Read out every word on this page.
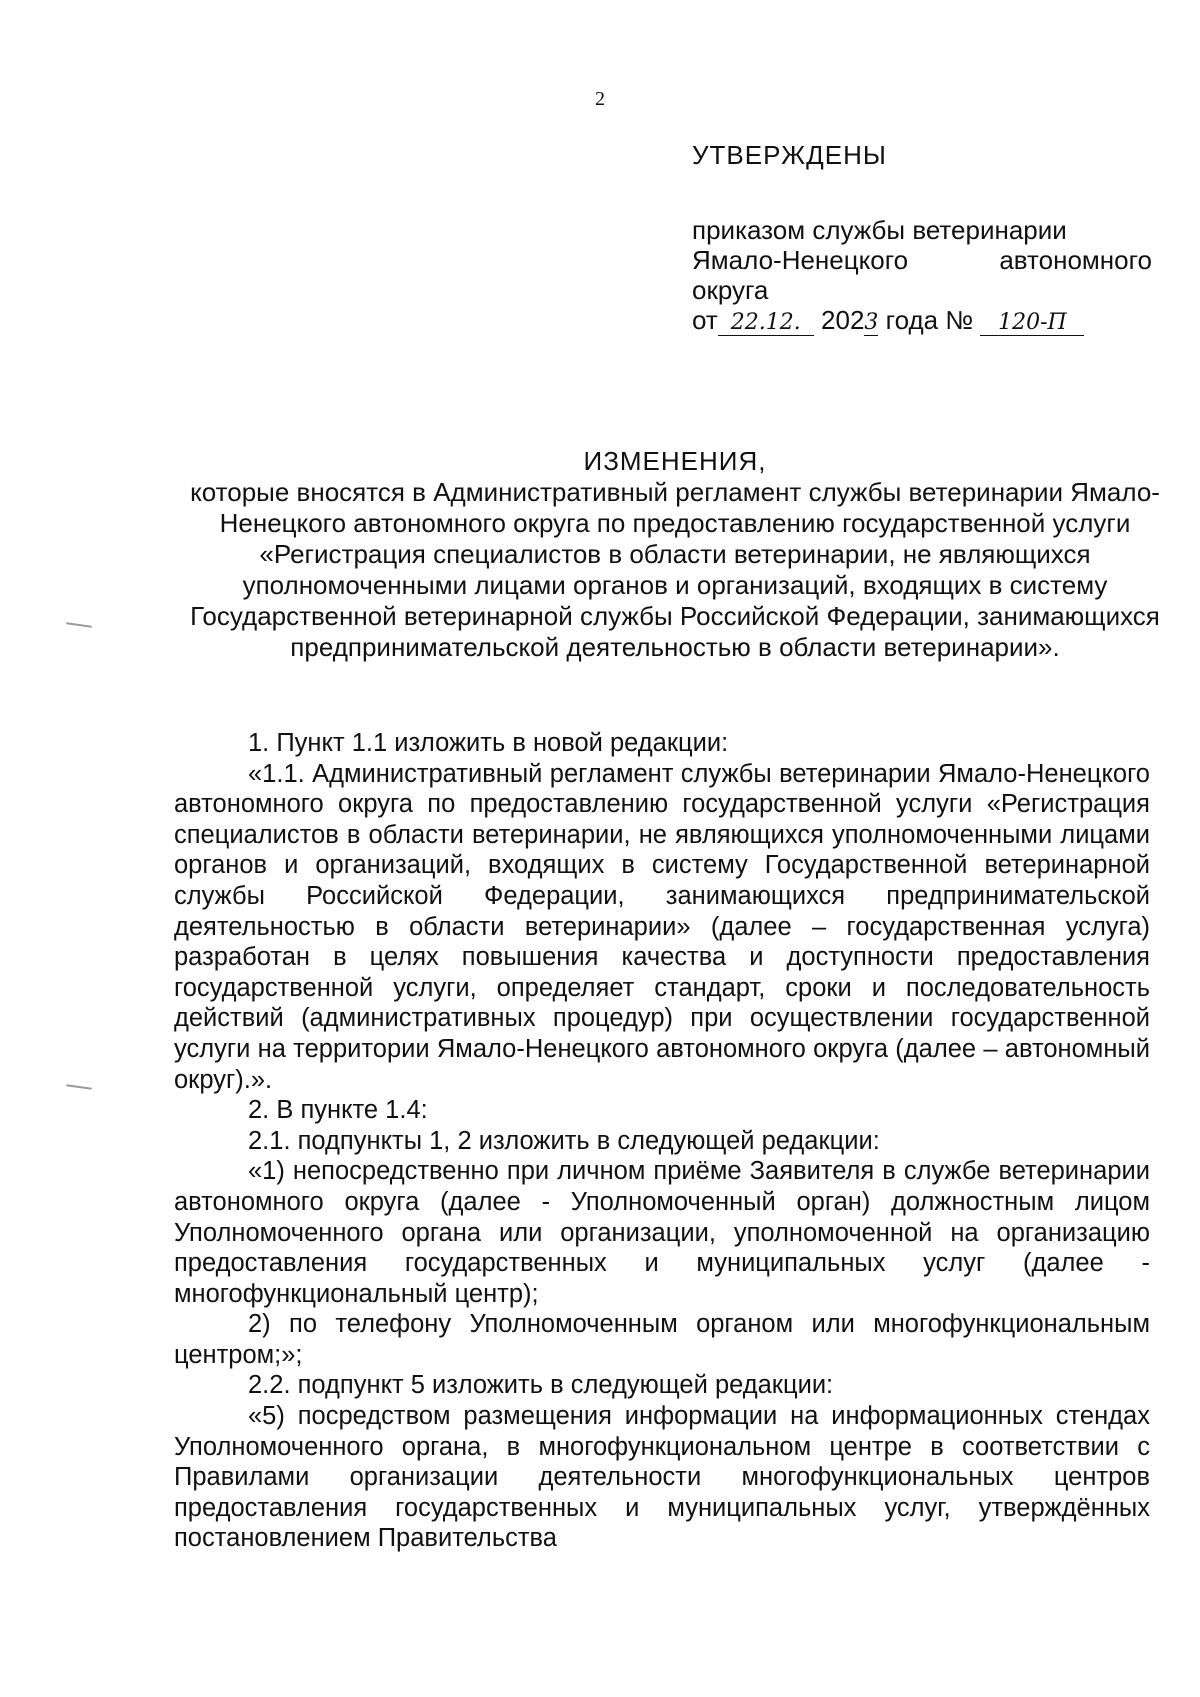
2
УТВЕРЖДЕНЫ
приказом службы ветеринарии
Ямало-Ненецкого автономного
округа
от 22.12. 2023 года № 120-П
ИЗМЕНЕНИЯ,
которые вносятся в Административный регламент службы ветеринарии Ямало-Ненецкого автономного округа по предоставлению государственной услуги «Регистрация специалистов в области ветеринарии, не являющихся уполномоченными лицами органов и организаций, входящих в систему Государственной ветеринарной службы Российской Федерации, занимающихся предпринимательской деятельностью в области ветеринарии».

1. Пункт 1.1 изложить в новой редакции:

«1.1. Административный регламент службы ветеринарии Ямало-Ненецкого автономного округа по предоставлению государственной услуги «Регистрация специалистов в области ветеринарии, не являющихся уполномоченными лицами органов и организаций, входящих в систему Государственной ветеринарной службы Российской Федерации, занимающихся предпринимательской деятельностью в области ветеринарии» (далее – государственная услуга) разработан в целях повышения качества и доступности предоставления государственной услуги, определяет стандарт, сроки и последовательность действий (административных процедур) при осуществлении государственной услуги на территории Ямало-Ненецкого автономного округа (далее – автономный округ).».

2. В пункте 1.4:

2.1. подпункты 1, 2 изложить в следующей редакции:

«1) непосредственно при личном приёме Заявителя в службе ветеринарии автономного округа (далее - Уполномоченный орган) должностным лицом Уполномоченного органа или организации, уполномоченной на организацию предоставления государственных и муниципальных услуг (далее - многофункциональный центр);

2) по телефону Уполномоченным органом или многофункциональным центром;»;

2.2. подпункт 5 изложить в следующей редакции:

«5) посредством размещения информации на информационных стендах Уполномоченного органа, в многофункциональном центре в соответствии с Правилами организации деятельности многофункциональных центров предоставления государственных и муниципальных услуг, утверждённых постановлением Правительства
